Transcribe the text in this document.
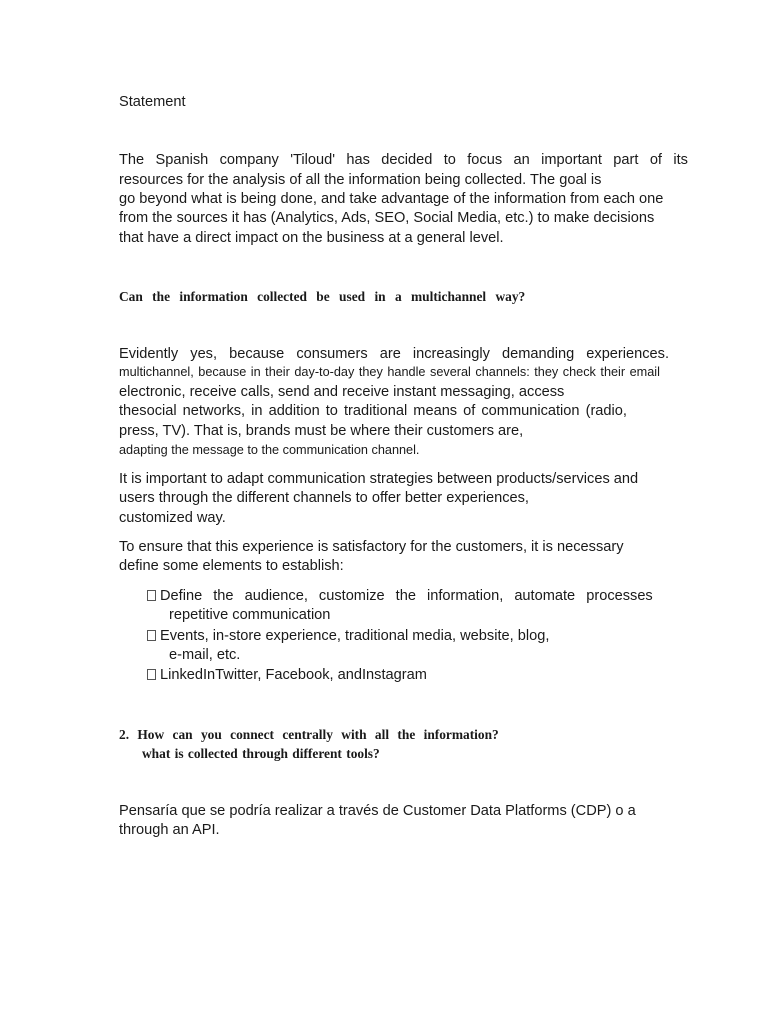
Statement
The Spanish company 'Tiloud' has decided to focus an important part of its
resources for the analysis of all the information being collected. The goal is
go beyond what is being done, and take advantage of the information from each one
from the sources it has (Analytics, Ads, SEO, Social Media, etc.) to make decisions
that have a direct impact on the business at a general level.
Can the information collected be used in a multichannel way?
Evidently yes, because consumers are increasingly demanding experiences.
multichannel, because in their day-to-day they handle several channels: they check their email
electronic, receive calls, send and receive instant messaging, access
thesocial networks, in addition to traditional means of communication (radio,
press, TV). That is, brands must be where their customers are,
adapting the message to the communication channel.
It is important to adapt communication strategies between products/services and
users through the different channels to offer better experiences,
customized way.
To ensure that this experience is satisfactory for the customers, it is necessary
define some elements to establish:
Define the audience, customize the information, automate processes
repetitive communication
Events, in-store experience, traditional media, website, blog,
e-mail, etc.
LinkedInTwitter, Facebook, andInstagram
2. How can you connect centrally with all the information?
what is collected through different tools?
Pensaría que se podría realizar a través de Customer Data Platforms (CDP) o a
through an API.
